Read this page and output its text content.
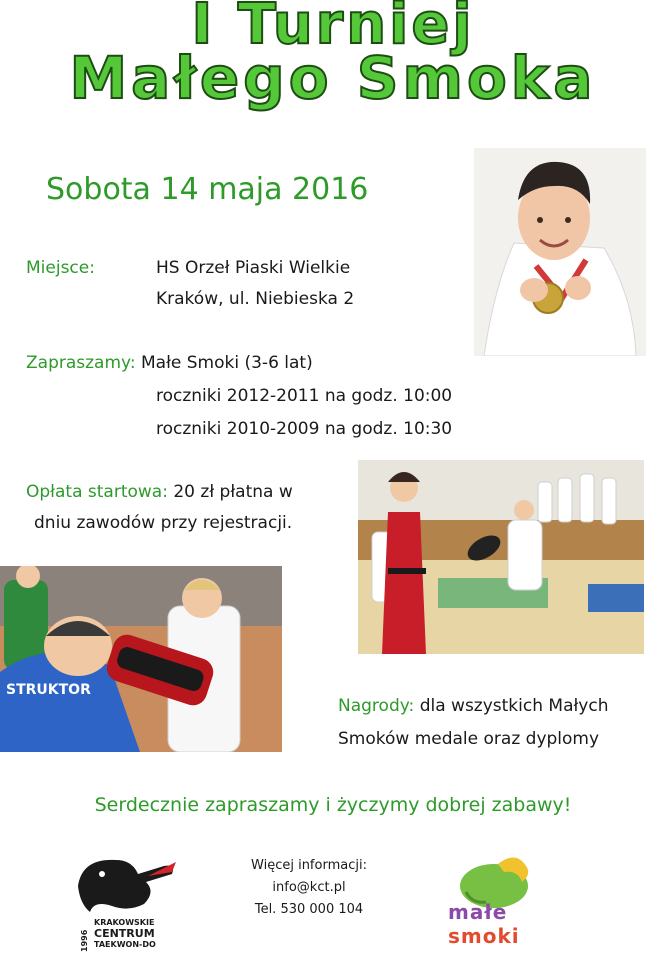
I Turniej
Małego Smoka
Sobota 14 maja 2016
Miejsce:	HS Orzeł Piaski Wielkie
Kraków, ul. Niebieska 2
Zapraszamy: Małe Smoki (3-6 lat)
roczniki 2012-2011 na godz. 10:00
roczniki 2010-2009 na godz. 10:30
Opłata startowa: 20 zł płatna w
dniu zawodów przy rejestracji.
STRUKTOR
Nagrody: dla wszystkich Małych
Smoków medale oraz dyplomy
Serdecznie zapraszamy i życzymy dobrej zabawy!
Więcej informacji:
info@kct.pl
Tel. 530 000 104
1996
KRAKOWSKIE
CENTRUM
TAEKWON-DO
małe
smoki
